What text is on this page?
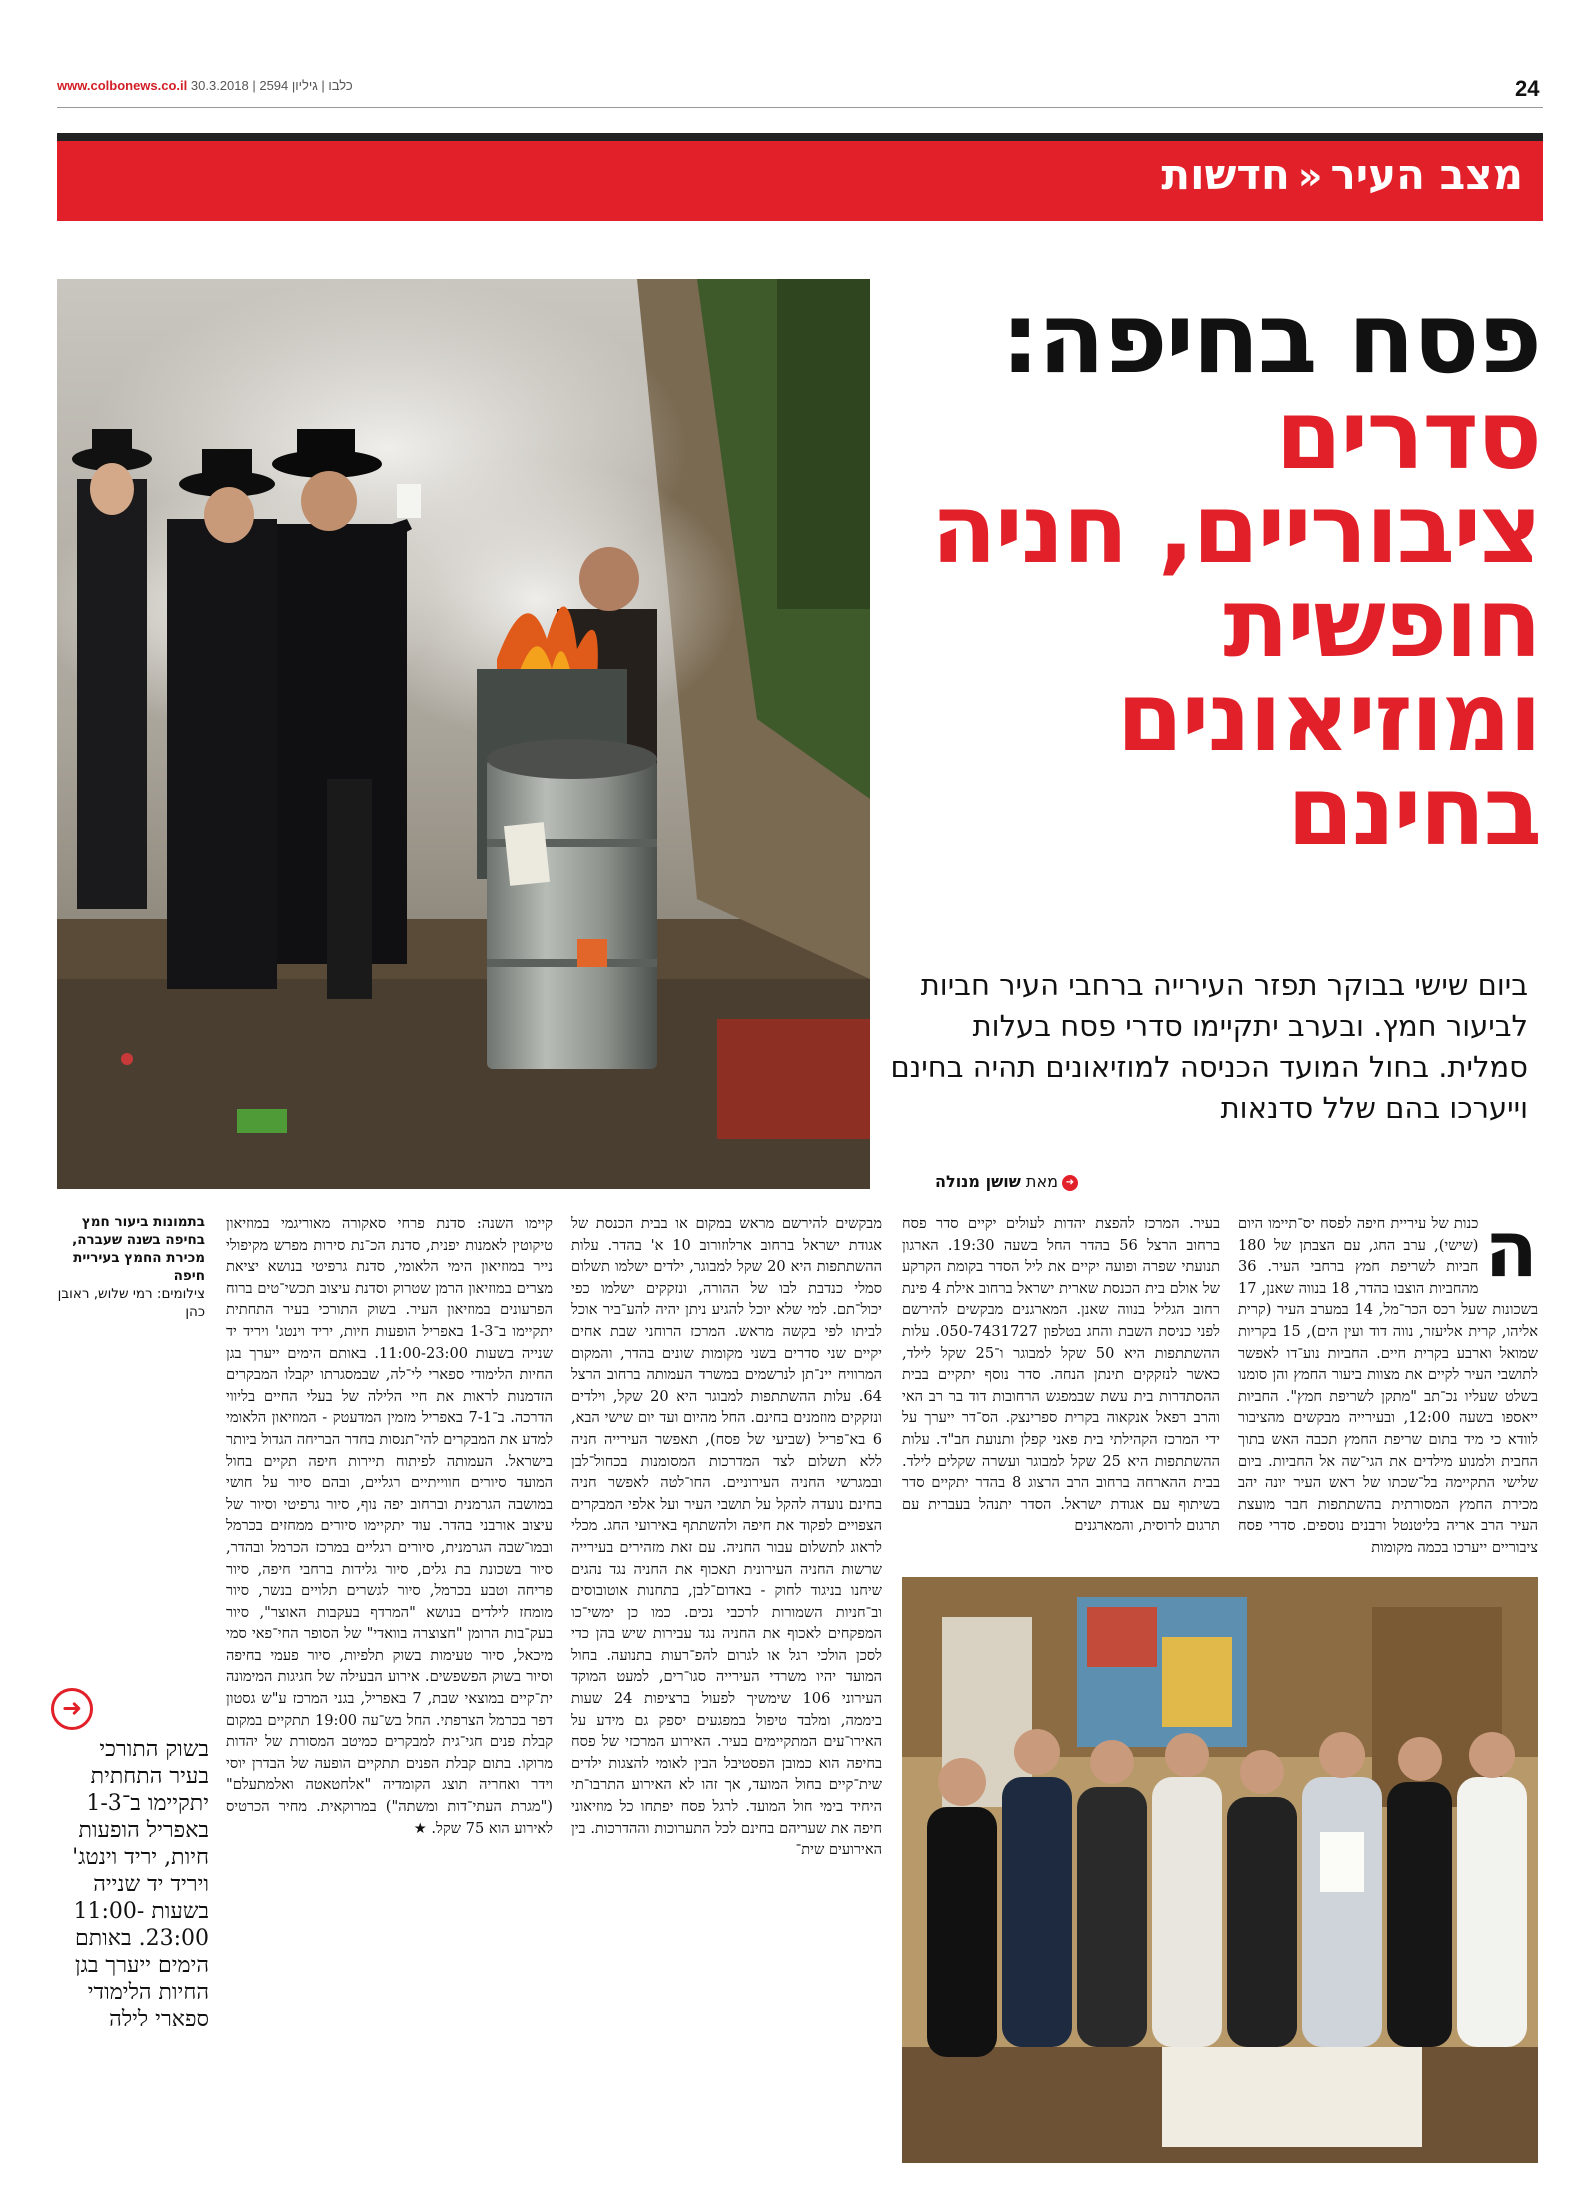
www.colbonews.co.il כלבו | גיליון 2594 | 30.3.2018	24
מצב העיר«חדשות
פסח בחיפה:
סדרים ציבוריים, חניה חופשית ומוזיאונים בחינם
ביום שישי בבוקר תפזר העירייה ברחבי העיר חביות לביעור חמץ. ובערב יתקיימו סדרי פסח בעלות סמלית. בחול המועד הכניסה למוזיאונים תהיה בחינם וייערכו בהם שלל סדנאות
➜מאת שושן מנולה
ה

כנות של עיריית חיפה לפסח יס־תיימו היום (שישי), ערב החג, עם הצבתן של 180 חביות לשריפת חמץ ברחבי העיר. 36 מהחביות הוצבו בהדר, 18 בנווה שאנן, 17 בשכונות שעל רכס הכר־מל, 14 במערב העיר (קרית אליהו, קרית אליעזר, נווה דוד ועין הים), 15 בקריות שמואל וארבע בקרית חיים. החביות נוע־דו לאפשר לתושבי העיר לקיים את מצוות ביעור החמץ והן סומנו בשלט שעליו נכ־תב "מתקן לשריפת חמץ". החביות ייאספו בשעה 12:00, ובעירייה מבקשים מהציבור לוודא כי מיד בתום שריפת החמץ תכבה האש בתוך החבית ולמנוע מילדים את הגי־שה אל החביות. ביום שלישי התקיימה בל־שכתו של ראש העיר יונה יהב מכירת החמץ המסורתית בהשתתפות חבר מועצת העיר הרב אריה בליטנטל ורבנים נוספים. סדרי פסח ציבוריים ייערכו בכמה מקומות

בעיר. המרכז להפצת יהדות לעולים יקיים סדר פסח ברחוב הרצל 56 בהדר החל בשעה 19:30. הארגון תנועתי שפרה ופועה יקיים את ליל הסדר בקומת הקרקע של אולם בית הכנסת שארית ישראל ברחוב אילת 4 פינת רחוב הגליל בנווה שאנן. המארגנים מבקשים להירשם לפני כניסת השבת והחג בטלפון 050-7431727. עלות ההשתתפות היא 50 שקל למבוגר ו־25 שקל לילד, כאשר לנזקקים תינתן הנחה. סדר נוסף יתקיים בבית ההסתדרות בית עשת שבמפגש הרחובות דוד בר רב האי והרב רפאל אנקאוה בקרית ספרינצק. הס־דר ייערך על ידי המרכז הקהילתי בית פאני קפלן ותנועת חב"ד. עלות ההשתתפות היא 25 שקל למבוגר ועשרה שקלים לילד. בבית ההארחה ברחוב הרב הרצוג 8 בהדר יתקיים סדר בשיתוף עם אגודת ישראל. הסדר יתנהל בעברית עם תרגום לרוסית, והמארגנים

מבקשים להירשם מראש במקום או בבית הכנסת של אגודת ישראל ברחוב ארלוזורוב 10 א' בהדר. עלות ההשתתפות היא 20 שקל למבוגר, ילדים ישלמו תשלום סמלי כנדבת לבו של ההורה, ונזקקים ישלמו כפי יכול־תם. למי שלא יוכל להגיע ניתן יהיה להע־ביר אוכל לביתו לפי בקשה מראש. המרכז הרוחני שבת אחים יקיים שני סדרים בשני מקומות שונים בהדר, והמקום המרוויח יינ־תן לנרשמים במשרד העמותה ברחוב הרצל 64. עלות ההשתתפות למבוגר היא 20 שקל, וילדים ונזקקים מוזמנים בחינם. החל מהיום ועד יום שישי הבא, 6 בא־פריל (שביעי של פסח), תאפשר העירייה חניה ללא תשלום לצד המדרכות המסומנות בכחול־לבן ובמגרשי החניה העירוניים. החו־לטה לאפשר חניה בחינם נועדה להקל על תושבי העיר ועל אלפי המבקרים הצפויים לפקוד את חיפה ולהשתתף באירועי החג. מכלי לראוג לתשלום עבור החניה. עם זאת מזהירים בעירייה שרשות החניה העירונית תאכוף את החניה נגד נהגים שיחנו בניגוד לחוק - באדום־לבן, בתחנות אוטובוסים וב־חניות השמורות לרכבי נכים. כמו כן ימשי־כו המפקחים לאכוף את החניה נגד עבירות שיש בהן כדי לסכן הולכי רגל או לגרום להפ־רעות בתנועה. בחול המועד יהיו משרדי העירייה סגו־רים, למעט המוקד העירוני 106 שימשיך לפעול ברציפות 24 שעות ביממה, ומלבד טיפול במפגעים יספק גם מידע על האירו־עים המתקיימים בעיר. האירוע המרכזי של פסח בחיפה הוא כמובן הפסטיבל הבין לאומי להצגות ילדים שית־קיים בחול המועד, אך זהו לא האירוע התרבו־תי היחיד בימי חול המועד. לרגל פסח יפתחו כל מוזיאוני חיפה את שעריהם בחינם לכל התערוכות וההדרכות. בין האירועים שית־

קיימו השנה: סדנת פרחי סאקורה מאוריגמי במוזיאון טיקוטין לאמנות יפנית, סדנת הכ־נת סירות מפרש מקיפולי נייר במוזיאון הימי הלאומי, סדנת גרפיטי בנושא יציאת מצרים במוזיאון הרמן שטרוק וסדנת עיצוב תכשי־טים ברוח הפרעונים במוזיאון העיר. בשוק התורכי בעיר התחתית יתקיימו ב־1-3 באפריל הופעות חיות, יריד וינטג' ויריד יד שנייה בשעות 11:00-23:00. באותם הימים ייערך בגן החיות הלימודי ספארי לי־לה, שבמסגרתו יקבלו המבקרים הזדמנות לראות את חיי הלילה של בעלי החיים בליווי הדרכה. ב־7-1 באפריל מזמין המדעטק - המוזיאון הלאומי למדע את המבקרים להי־תנסות בחדר הבריחה הגדול ביותר בישראל. העמותה לפיתוח תיירות חיפה תקיים בחול המועד סיורים חווייתיים רגליים, ובהם סיור על חושי במושבה הגרמנית וברחוב יפה נוף, סיור גרפיטי וסיור של עיצוב אורבני בהדר. עוד יתקיימו סיורים ממחזים בכרמל ובמו־שבה הגרמנית, סיורים רגליים במרכז הכרמל ובהדר, סיור בשכונת בת גלים, סיור גלידות ברחבי חיפה, סיור פריחה וטבע בכרמל, סיור לגשרים תלויים בנשר, סיור מומחז לילדים בנושא "המרדף בעקבות האוצר", סיור בעק־בות הרומן "חצוצרה בוואדי" של הסופר החי־פאי סמי מיכאל, סיור טעימות בשוק תלפיות, סיור פעמי בחיפה וסיור בשוק הפשפשים. אירוע הבעילה של חגיגות המימונה ית־קיים במוצאי שבת, 7 באפריל, בגני המרכז ע"ש גסטון דפר בכרמל הצרפתי. החל בש־עה 19:00 תתקיים במקום קבלת פנים חגי־גית למבקרים כמיטב המסורת של יהדות מרוקו. בתום קבלת הפנים תתקיים הופעה של הבדרן יוסי וידר ואחריה תוצג הקומדיה "אלחטאטה ואלמתעלם" ("מגרת העתי־דות ומשתה") במרוקאית. מחיר הכרטיס לאירוע הוא 75 שקל. ★

בתמונות ביעור חמץ בחיפה בשנה שעברה, מכירת החמץ בעיריית חיפה
צילומים: רמי שלוש, ראובן כהן
➜
בשוק התורכי בעיר התחתית יתקיימו ב־1-3 באפריל הופעות חיות, יריד וינטג' ויריד יד שנייה בשעות 11:00-23:00. באותם הימים ייערך בגן החיות הלימודי ספארי לילה
